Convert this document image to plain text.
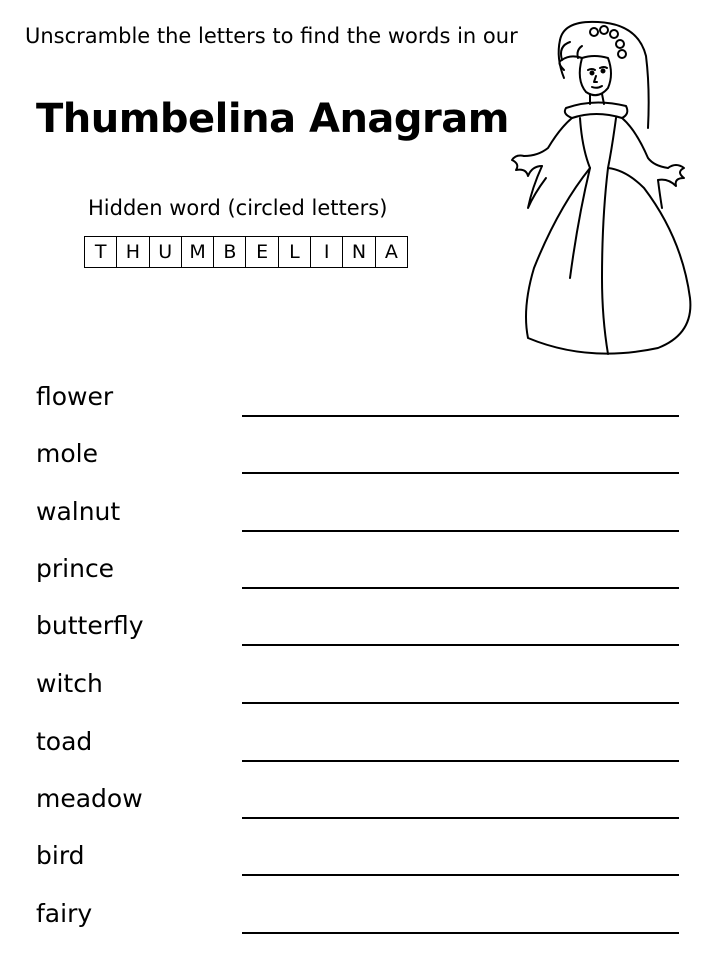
Unscramble the letters to find the words in our
Thumbelina Anagram
Hidden word (circled letters)
T	H U M B	E	L	I	N A
flower
mole
walnut
prince
butterfly
witch
toad
meadow
bird
fairy
